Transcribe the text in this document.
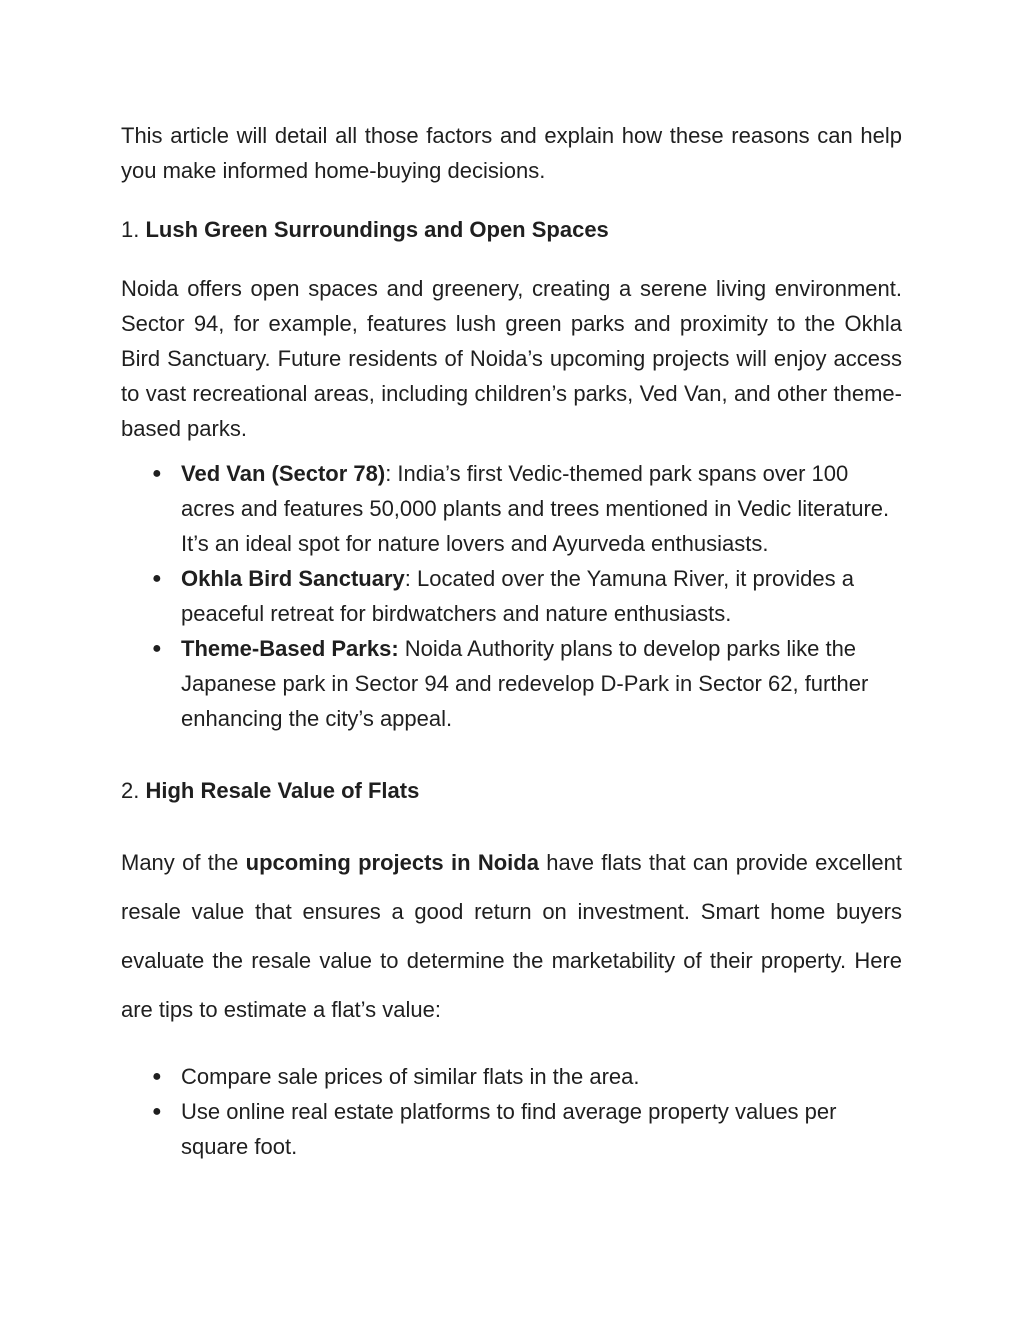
This article will detail all those factors and explain how these reasons can help you make informed home-buying decisions.

1. Lush Green Surroundings and Open Spaces

Noida offers open spaces and greenery, creating a serene living environment. Sector 94, for example, features lush green parks and proximity to the Okhla Bird Sanctuary. Future residents of Noida’s upcoming projects will enjoy access to vast recreational areas, including children’s parks, Ved Van, and other theme-based parks.

● Ved Van (Sector 78): India’s first Vedic-themed park spans over 100 acres and features 50,000 plants and trees mentioned in Vedic literature. It’s an ideal spot for nature lovers and Ayurveda enthusiasts.
● Okhla Bird Sanctuary: Located over the Yamuna River, it provides a peaceful retreat for birdwatchers and nature enthusiasts.
● Theme-Based Parks: Noida Authority plans to develop parks like the Japanese park in Sector 94 and redevelop D-Park in Sector 62, further enhancing the city’s appeal.

2. High Resale Value of Flats

Many of the upcoming projects in Noida have flats that can provide excellent resale value that ensures a good return on investment. Smart home buyers evaluate the resale value to determine the marketability of their property. Here are tips to estimate a flat’s value:

● Compare sale prices of similar flats in the area.
● Use online real estate platforms to find average property values per square foot.
